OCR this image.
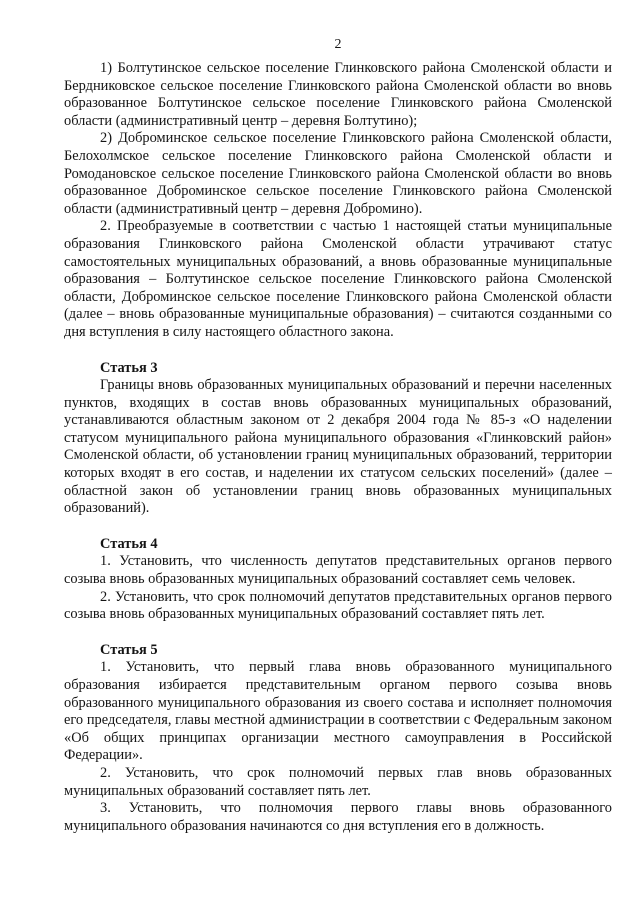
2

1) Болтутинское сельское поселение Глинковского района Смоленской области и Бердниковское сельское поселение Глинковского района Смоленской области во вновь образованное Болтутинское сельское поселение Глинковского района Смоленской области (административный центр – деревня Болтутино);

2) Доброминское сельское поселение Глинковского района Смоленской области, Белохолмское сельское поселение Глинковского района Смоленской области и Ромодановское сельское поселение Глинковского района Смоленской области во вновь образованное Доброминское сельское поселение Глинковского района Смоленской области (административный центр – деревня Добромино).

2. Преобразуемые в соответствии с частью 1 настоящей статьи муниципальные образования Глинковского района Смоленской области утрачивают статус самостоятельных муниципальных образований, а вновь образованные муниципальные образования – Болтутинское сельское поселение Глинковского района Смоленской области, Доброминское сельское поселение Глинковского района Смоленской области (далее – вновь образованные муниципальные образования) – считаются созданными со дня вступления в силу настоящего областного закона.

Статья 3

Границы вновь образованных муниципальных образований и перечни населенных пунктов, входящих в состав вновь образованных муниципальных образований, устанавливаются областным законом от 2 декабря 2004 года № 85-з «О наделении статусом муниципального района муниципального образования «Глинковский район» Смоленской области, об установлении границ муниципальных образований, территории которых входят в его состав, и наделении их статусом сельских поселений» (далее – областной закон об установлении границ вновь образованных муниципальных образований).

Статья 4

1. Установить, что численность депутатов представительных органов первого созыва вновь образованных муниципальных образований составляет семь человек.

2. Установить, что срок полномочий депутатов представительных органов первого созыва вновь образованных муниципальных образований составляет пять лет.

Статья 5

1. Установить, что первый глава вновь образованного муниципального образования избирается представительным органом первого созыва вновь образованного муниципального образования из своего состава и исполняет полномочия его председателя, главы местной администрации в соответствии с Федеральным законом «Об общих принципах организации местного самоуправления в Российской Федерации».

2. Установить, что срок полномочий первых глав вновь образованных муниципальных образований составляет пять лет.

3. Установить, что полномочия первого главы вновь образованного муниципального образования начинаются со дня вступления его в должность.
